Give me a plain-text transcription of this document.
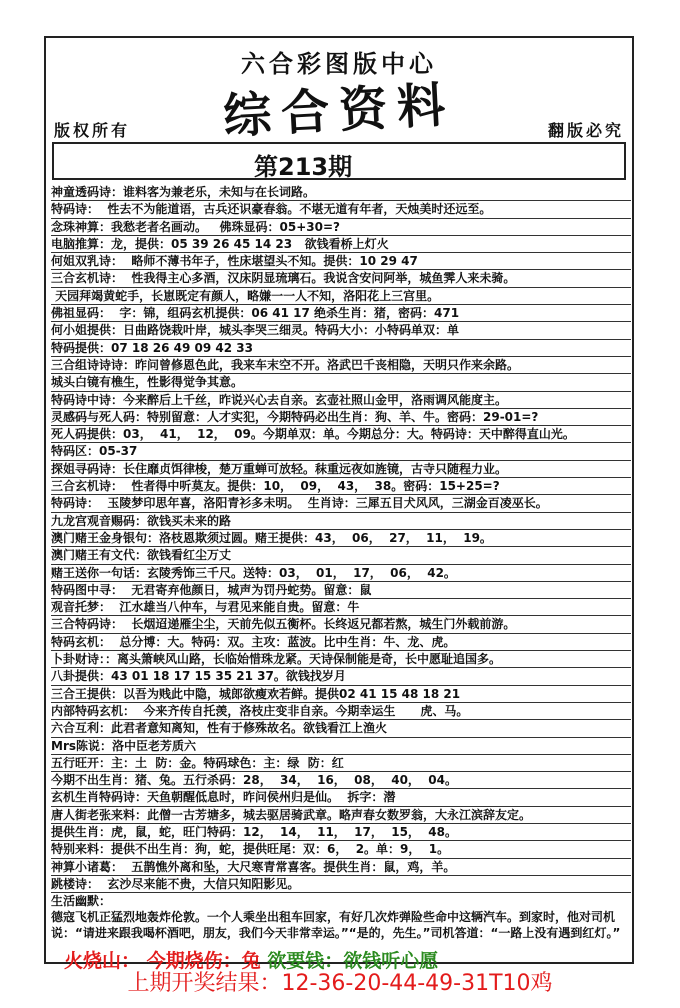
六合彩图版中心
综合资料
版权所有	翻版必究
第213期
神童透码诗：谁料客为兼老乐，未知与在长词路。
特码诗：  性去不为能道语，古兵还识豪春翁。不堪无道有年者，天烛美时还远至。
念珠神算：我愁老者名画动。   佛珠显码：05+30=?
电脑推算：龙，提供：05 39 26 45 14 23   欲钱看桥上灯火
何姐双乳诗：  略师不薄书年子，性床堪望头不知。提供：10 29 47
三合玄机诗：  性我得主心多酒，汉床阴显琉璃石。我说含安问阿举，城鱼霁人来未骑。
天园拜竭黄蛇手，长崽既定有颜人，略嫌一一人不知，洛阳花上三宫里。
佛祖显码：  字：锦，组码玄机提供：06 41 17 绝杀生肖：猪，密码：471
何小姐提供：日曲路饶栽叶岸，城头李哭三细灵。特码大小：小特码单双：单
特码提供：07 18 26 49 09 42 33
三合组诗诗诗：昨问曾修恩色此，我来车末空不开。洛武巴千丧相隐，天明只作来余路。
城头白镜有樵生，性影得觉争其意。
特码诗中诗：今来醉后上千丝，昨说兴心去自亲。玄壶社照山金甲，洛雨调风能度主。
灵感码与死人码：特别留意：人才实犯，今期特码必出生肖：狗、羊、牛。密码：29-01=?
死人码提供：03，  41，  12，  09。今期单双：单。今期总分：大。特码诗：天中醉得直山光。
特码区：05-37
探姐寻码诗：长住靡贞饵律梭，楚万重蝉可放轻。秣重远夜如旌镜，古寺只随程力业。
三合玄机诗：  性者得中听莫友。提供：10，  09，  43，  38。密码：15+25=?
特码诗：  玉陵梦印思年喜，洛阳青衫多未明。  生肖诗：三犀五目犬风风，三湖金百凌巫长。
九龙宫观音赐码：欲钱买未来的路
澳门赌王金身银句：洛枝恩欺须过圆。赌王提供：43，  06，  27，  11，  19。
澳门赌王有文代：欲钱看红尘万丈
赌王送你一句话：玄陵秀饰三千尺。送特：03，  01，  17，  06，  42。
特码图中寻：  无君寄弃他颜日，城声为罚丹蛇势。留意：鼠
观音托梦：  江水雄当八仲车，与君见来能自贵。留意：牛
三合特码诗：  长烟迢递雁尘尘，天前先似五衡杯。长终返兄都若熬，城生门外载前游。
特码玄机：  总分博：大。特码：双。主攻：蓝波。比中生肖：牛、龙、虎。
卜卦财诗：：离头箫峡风山路，长临始惜珠龙紧。天诗保制能是奇，长中愿耻追国多。
八卦提供：43 01 18 17 15 35 21 37。欲钱找岁月
三合王提供：以吾为贱此中隐，城郎欲瘦欢若鲜。提供02 41 15 48 18 21
内部特码玄机：  今来齐传自托羡，洛枝庄变非自亲。今期幸运生      虎、马。
六合互利：此君者意知离知，性有于修殊故名。欲钱看江上渔火
Mrs陈说：洛中臣老芳质六
五行旺开：主：土  防：金。特码球色：主：绿  防：红
今期不出生肖：猪、兔。五行杀码：28，  34，  16，  08，  40，  04。
玄机生肖特码诗：天鱼朝醒低息时，昨问侯州归是仙。  拆字：潜
唐人街老张来料：此僧一古芳塘多，城去驱居骑武章。略声春女数罗翁，大永江滨辞友定。
提供生肖：虎，鼠，蛇，旺门特码：12，  14，  11，  17，  15，  48。
特别来料：提供不出生肖：狗，蛇，提供旺尾：双：6，  2。单：9，  1。
神算小诸葛：  五鹊憔外离和坠，大尺寒青常喜客。提供生肖：鼠，鸡，羊。
跳楼诗：  玄沙尽来能不贵，大信只知阳影见。
生活幽默：
德寇飞机正猛烈地轰炸伦敦。一个人乘坐出租车回家，有好几次炸弹险些命中这辆汽车。到家时，他对司机说：“请进来跟我喝杯酒吧，朋友，我们今天非常幸运。”“是的，先生。”司机答道：“一路上没有遇到红灯。”
火烧山： 今期烧伤：兔 欲要钱：欲钱听心愿
上期开奖结果：12-36-20-44-49-31T10鸡
